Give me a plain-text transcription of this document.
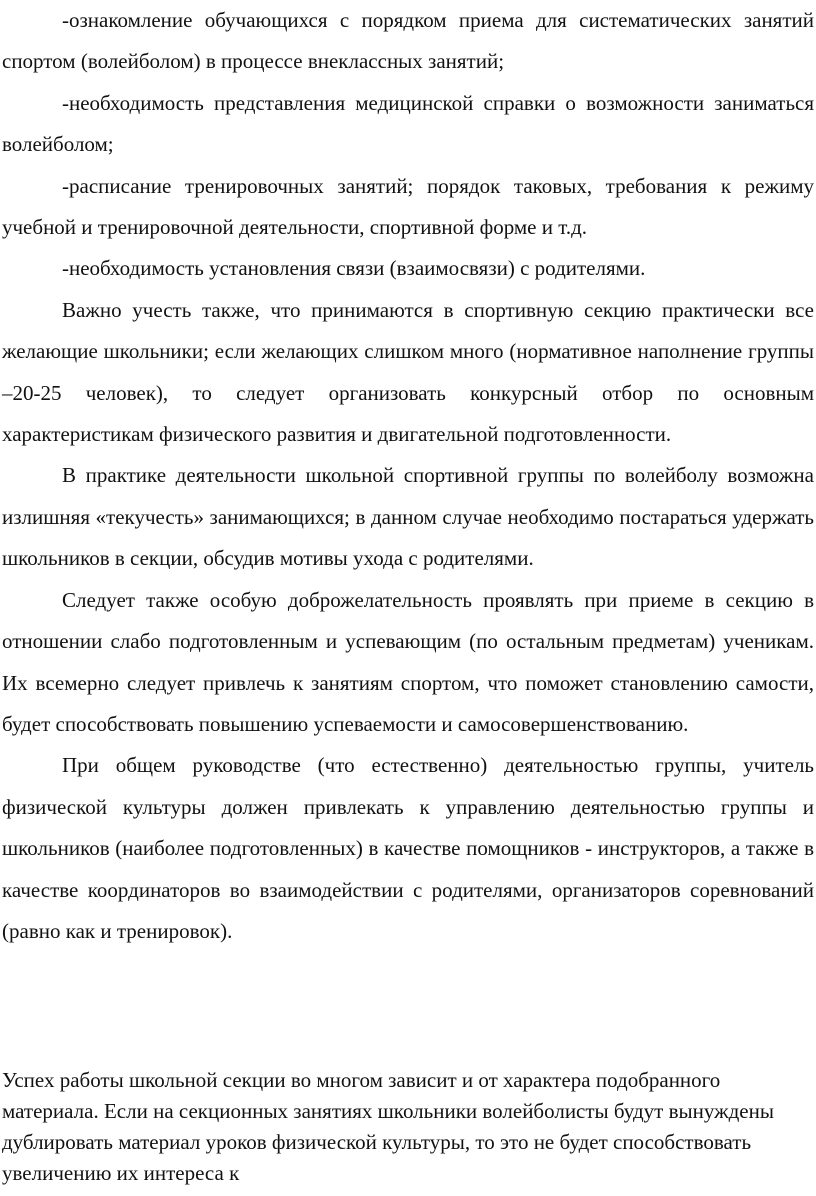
-ознакомление обучающихся с порядком приема для систематических занятий спортом (волейболом) в процессе внеклассных занятий;

-необходимость представления медицинской справки о возможности заниматься волейболом;

-расписание тренировочных занятий; порядок таковых, требования к режиму учебной и тренировочной деятельности, спортивной форме и т.д.

-необходимость установления связи (взаимосвязи) с родителями.

Важно учесть также, что принимаются в спортивную секцию практически все желающие школьники; если желающих слишком много (нормативное наполнение группы –20-25 человек), то следует организовать конкурсный отбор по основным характеристикам физического развития и двигательной подготовленности.

В практике деятельности школьной спортивной группы по волейболу возможна излишняя «текучесть» занимающихся; в данном случае необходимо постараться удержать школьников в секции, обсудив мотивы ухода с родителями.

Следует также особую доброжелательность проявлять при приеме в секцию в отношении слабо подготовленным и успевающим (по остальным предметам) ученикам. Их всемерно следует привлечь к занятиям спортом, что поможет становлению самости, будет способствовать повышению успеваемости и самосовершенствованию.

При общем руководстве (что естественно) деятельностью группы, учитель физической культуры должен привлекать к управлению деятельностью группы и школьников (наиболее подготовленных) в качестве помощников - инструкторов, а также в качестве координаторов во взаимодействии с родителями, организаторов соревнований (равно как и тренировок).

Успех работы школьной секции во многом зависит и от характера подобранного материала. Если на секционных занятиях школьники волейболисты будут вынуждены дублировать материал уроков физической культуры, то это не будет способствовать увеличению их интереса к
